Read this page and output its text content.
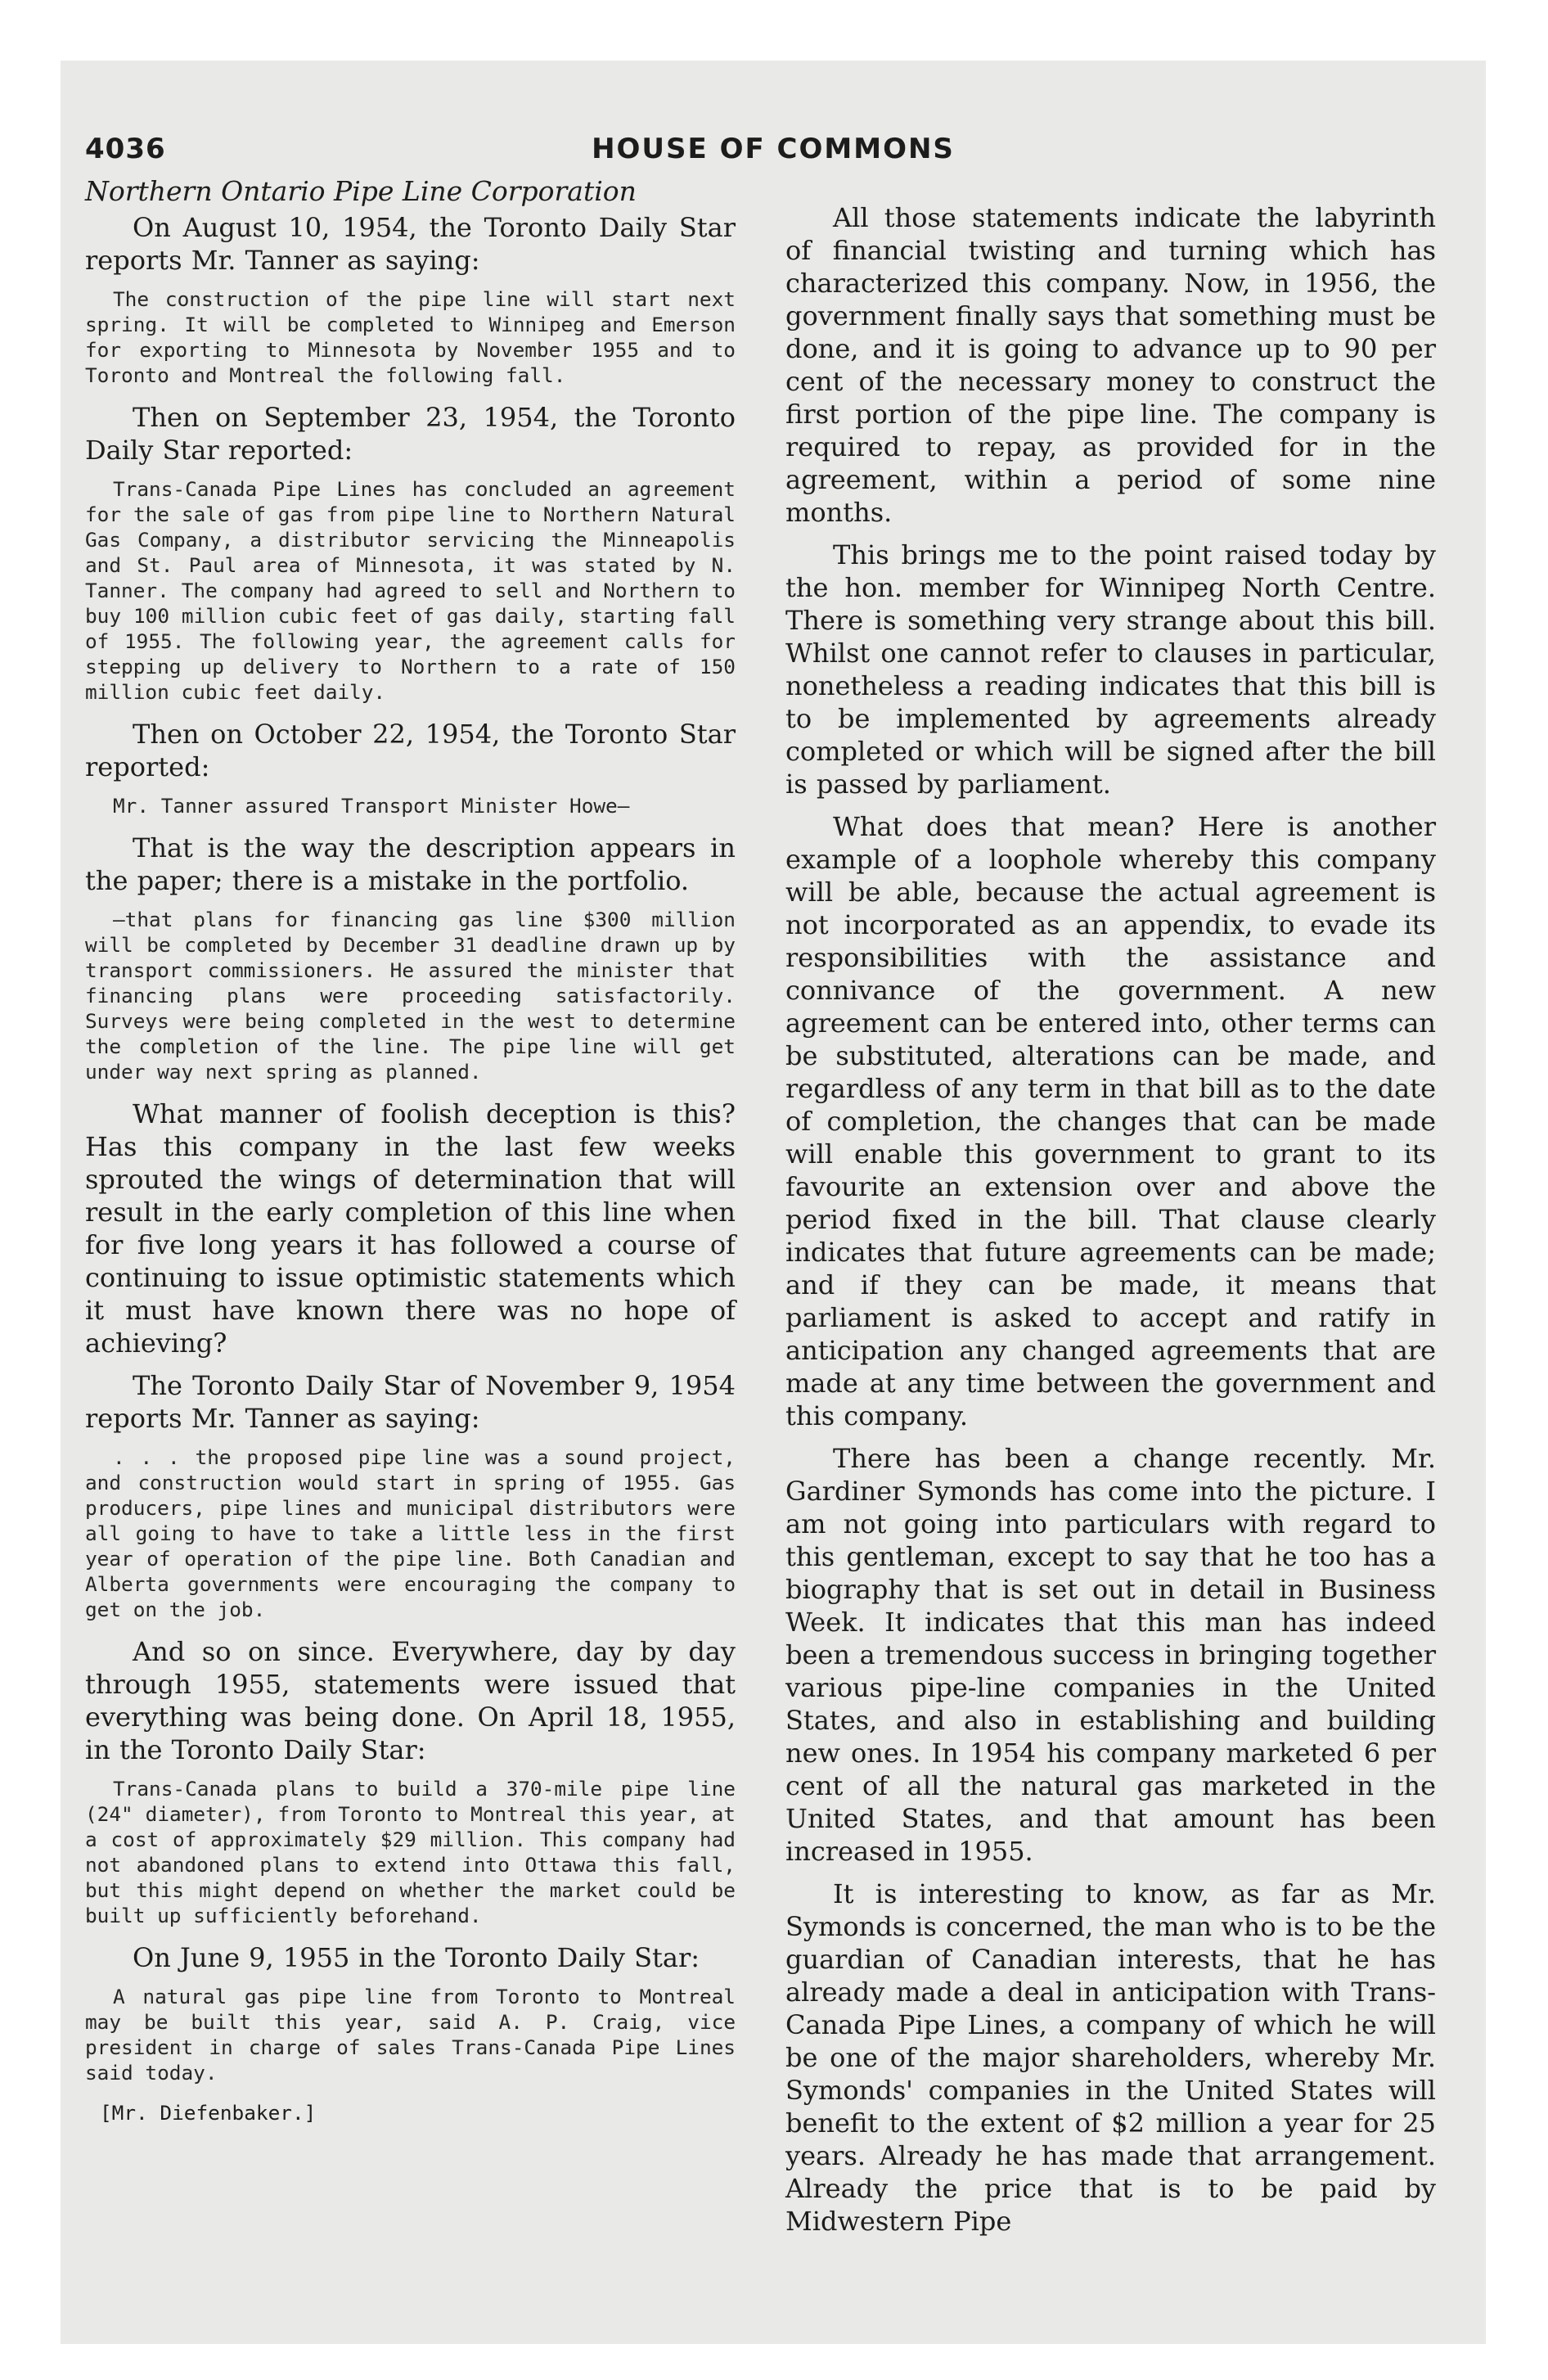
4036	HOUSE OF COMMONS
Northern Ontario Pipe Line Corporation

On August 10, 1954, the Toronto Daily Star reports Mr. Tanner as saying:

The construction of the pipe line will start next spring. It will be completed to Winnipeg and Emerson for exporting to Minnesota by November 1955 and to Toronto and Montreal the following fall.

Then on September 23, 1954, the Toronto Daily Star reported:

Trans-Canada Pipe Lines has concluded an agreement for the sale of gas from pipe line to Northern Natural Gas Company, a distributor servicing the Minneapolis and St. Paul area of Minnesota, it was stated by N. Tanner. The company had agreed to sell and Northern to buy 100 million cubic feet of gas daily, starting fall of 1955. The following year, the agreement calls for stepping up delivery to Northern to a rate of 150 million cubic feet daily.

Then on October 22, 1954, the Toronto Star reported:

Mr. Tanner assured Transport Minister Howe—

That is the way the description appears in the paper; there is a mistake in the portfolio.

—that plans for financing gas line $300 million will be completed by December 31 deadline drawn up by transport commissioners. He assured the minister that financing plans were proceeding satisfactorily. Surveys were being completed in the west to determine the completion of the line. The pipe line will get under way next spring as planned.

What manner of foolish deception is this? Has this company in the last few weeks sprouted the wings of determination that will result in the early completion of this line when for five long years it has followed a course of continuing to issue optimistic statements which it must have known there was no hope of achieving?

The Toronto Daily Star of November 9, 1954 reports Mr. Tanner as saying:

. . . the proposed pipe line was a sound project, and construction would start in spring of 1955. Gas producers, pipe lines and municipal distributors were all going to have to take a little less in the first year of operation of the pipe line. Both Canadian and Alberta governments were encouraging the company to get on the job.

And so on since. Everywhere, day by day through 1955, statements were issued that everything was being done. On April 18, 1955, in the Toronto Daily Star:

Trans-Canada plans to build a 370-mile pipe line (24" diameter), from Toronto to Montreal this year, at a cost of approximately $29 million. This company had not abandoned plans to extend into Ottawa this fall, but this might depend on whether the market could be built up sufficiently beforehand.

On June 9, 1955 in the Toronto Daily Star:

A natural gas pipe line from Toronto to Montreal may be built this year, said A. P. Craig, vice president in charge of sales Trans-Canada Pipe Lines said today.

[Mr. Diefenbaker.]

All those statements indicate the labyrinth of financial twisting and turning which has characterized this company. Now, in 1956, the government finally says that something must be done, and it is going to advance up to 90 per cent of the necessary money to construct the first portion of the pipe line. The company is required to repay, as provided for in the agreement, within a period of some nine months.

This brings me to the point raised today by the hon. member for Winnipeg North Centre. There is something very strange about this bill. Whilst one cannot refer to clauses in particular, nonetheless a reading indicates that this bill is to be implemented by agreements already completed or which will be signed after the bill is passed by parliament.

What does that mean? Here is another example of a loophole whereby this company will be able, because the actual agreement is not incorporated as an appendix, to evade its responsibilities with the assistance and connivance of the government. A new agreement can be entered into, other terms can be substituted, alterations can be made, and regardless of any term in that bill as to the date of completion, the changes that can be made will enable this government to grant to its favourite an extension over and above the period fixed in the bill. That clause clearly indicates that future agreements can be made; and if they can be made, it means that parliament is asked to accept and ratify in anticipation any changed agreements that are made at any time between the government and this company.

There has been a change recently. Mr. Gardiner Symonds has come into the picture. I am not going into particulars with regard to this gentleman, except to say that he too has a biography that is set out in detail in Business Week. It indicates that this man has indeed been a tremendous success in bringing together various pipe-line companies in the United States, and also in establishing and building new ones. In 1954 his company marketed 6 per cent of all the natural gas marketed in the United States, and that amount has been increased in 1955.

It is interesting to know, as far as Mr. Symonds is concerned, the man who is to be the guardian of Canadian interests, that he has already made a deal in anticipation with Trans-Canada Pipe Lines, a company of which he will be one of the major shareholders, whereby Mr. Symonds' companies in the United States will benefit to the extent of $2 million a year for 25 years. Already he has made that arrangement. Already the price that is to be paid by Midwestern Pipe
